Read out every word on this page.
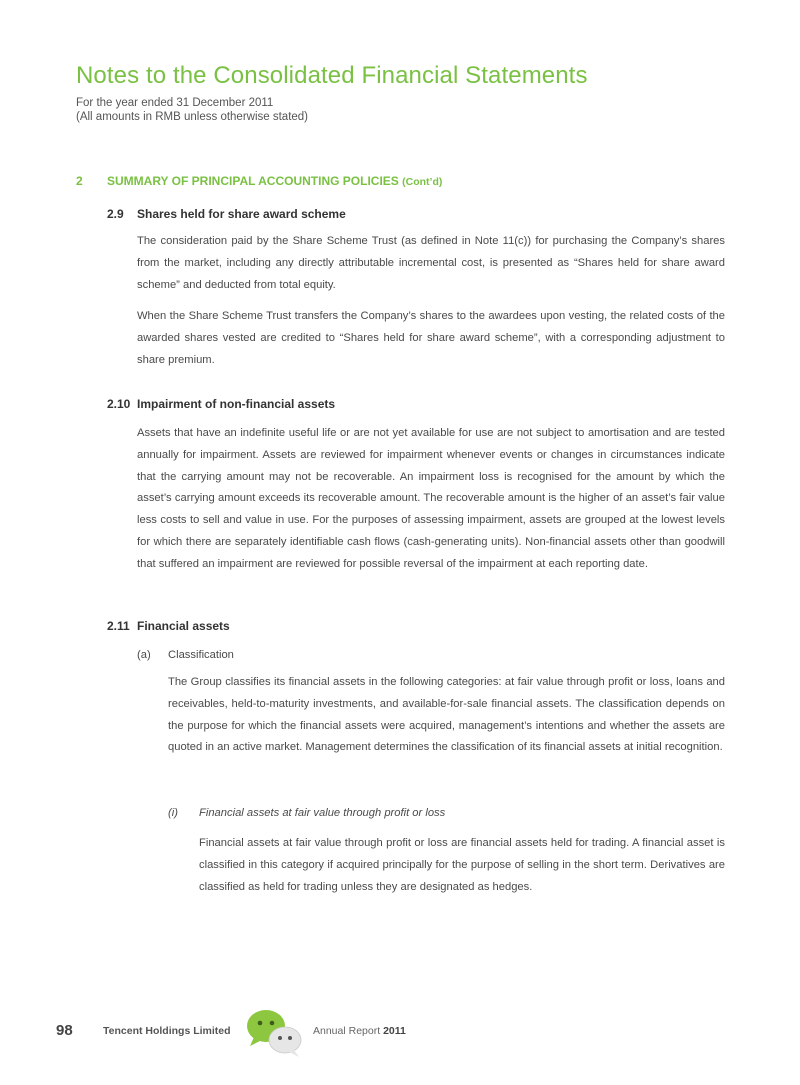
Notes to the Consolidated Financial Statements
For the year ended 31 December 2011
(All amounts in RMB unless otherwise stated)
2 SUMMARY OF PRINCIPAL ACCOUNTING POLICIES (Cont’d)
2.9 Shares held for share award scheme

The consideration paid by the Share Scheme Trust (as defined in Note 11(c)) for purchasing the Company’s shares from the market, including any directly attributable incremental cost, is presented as “Shares held for share award scheme” and deducted from total equity.

When the Share Scheme Trust transfers the Company’s shares to the awardees upon vesting, the related costs of the awarded shares vested are credited to “Shares held for share award scheme”, with a corresponding adjustment to share premium.

2.10 Impairment of non-financial assets

Assets that have an indefinite useful life or are not yet available for use are not subject to amortisation and are tested annually for impairment. Assets are reviewed for impairment whenever events or changes in circumstances indicate that the carrying amount may not be recoverable. An impairment loss is recognised for the amount by which the asset’s carrying amount exceeds its recoverable amount. The recoverable amount is the higher of an asset’s fair value less costs to sell and value in use. For the purposes of assessing impairment, assets are grouped at the lowest levels for which there are separately identifiable cash flows (cash-generating units). Non-financial assets other than goodwill that suffered an impairment are reviewed for possible reversal of the impairment at each reporting date.

2.11 Financial assets
(a) Classification

The Group classifies its financial assets in the following categories: at fair value through profit or loss, loans and receivables, held-to-maturity investments, and available-for-sale financial assets. The classification depends on the purpose for which the financial assets were acquired, management’s intentions and whether the assets are quoted in an active market. Management determines the classification of its financial assets at initial recognition.

(i) Financial assets at fair value through profit or loss

Financial assets at fair value through profit or loss are financial assets held for trading. A financial asset is classified in this category if acquired principally for the purpose of selling in the short term. Derivatives are classified as held for trading unless they are designated as hedges.

98	Tencent Holdings Limited	Annual Report 2011
